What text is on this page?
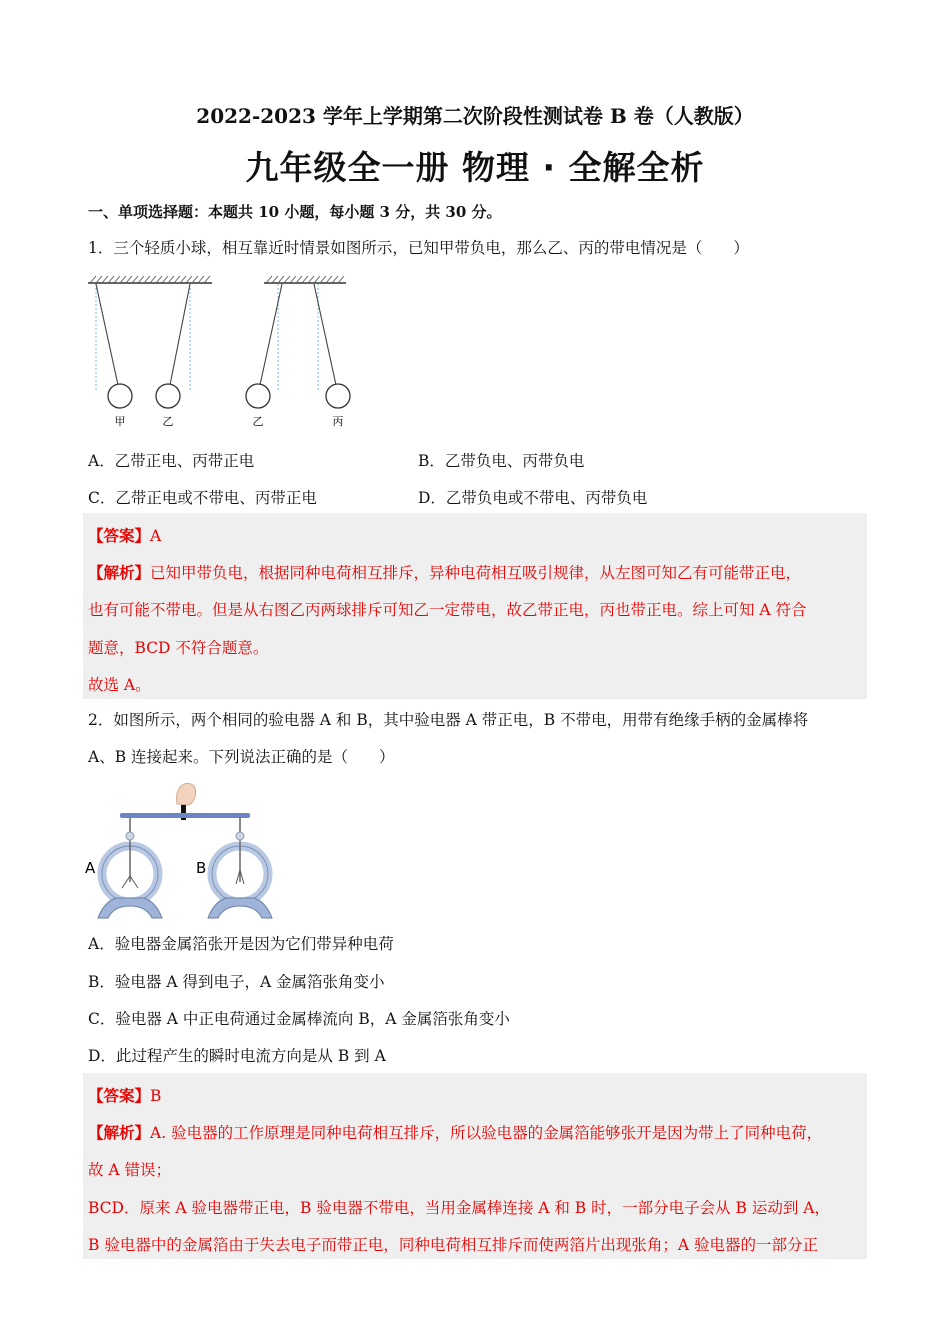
2022-2023 学年上学期第二次阶段性测试卷 B 卷（人教版）
九年级全一册 物理 · 全解全析
一、单项选择题：本题共 10 小题，每小题 3 分，共 30 分。
1．三个轻质小球，相互靠近时情景如图所示，已知甲带负电，那么乙、丙的带电情况是（　　）
甲	乙	乙	丙
A．乙带正电、丙带正电	B．乙带负电、丙带负电
C．乙带正电或不带电、丙带正电	D．乙带负电或不带电、丙带负电
【答案】A
【解析】已知甲带负电，根据同种电荷相互排斥，异种电荷相互吸引规律，从左图可知乙有可能带正电，
也有可能不带电。但是从右图乙丙两球排斥可知乙一定带电，故乙带正电，丙也带正电。综上可知 A 符合
题意，BCD 不符合题意。
故选 A。
2．如图所示，两个相同的验电器 A 和 B，其中验电器 A 带正电，B 不带电，用带有绝缘手柄的金属棒将
A、B 连接起来。下列说法正确的是（　　）
A	B
A．验电器金属箔张开是因为它们带异种电荷
B．验电器 A 得到电子，A 金属箔张角变小
C．验电器 A 中正电荷通过金属棒流向 B，A 金属箔张角变小
D．此过程产生的瞬时电流方向是从 B 到 A
【答案】B
【解析】A. 验电器的工作原理是同种电荷相互排斥，所以验电器的金属箔能够张开是因为带上了同种电荷，
故 A 错误；
BCD．原来 A 验电器带正电，B 验电器不带电，当用金属棒连接 A 和 B 时，一部分电子会从 B 运动到 A，
B 验电器中的金属箔由于失去电子而带正电，同种电荷相互排斥而使两箔片出现张角；A 验电器的一部分正
